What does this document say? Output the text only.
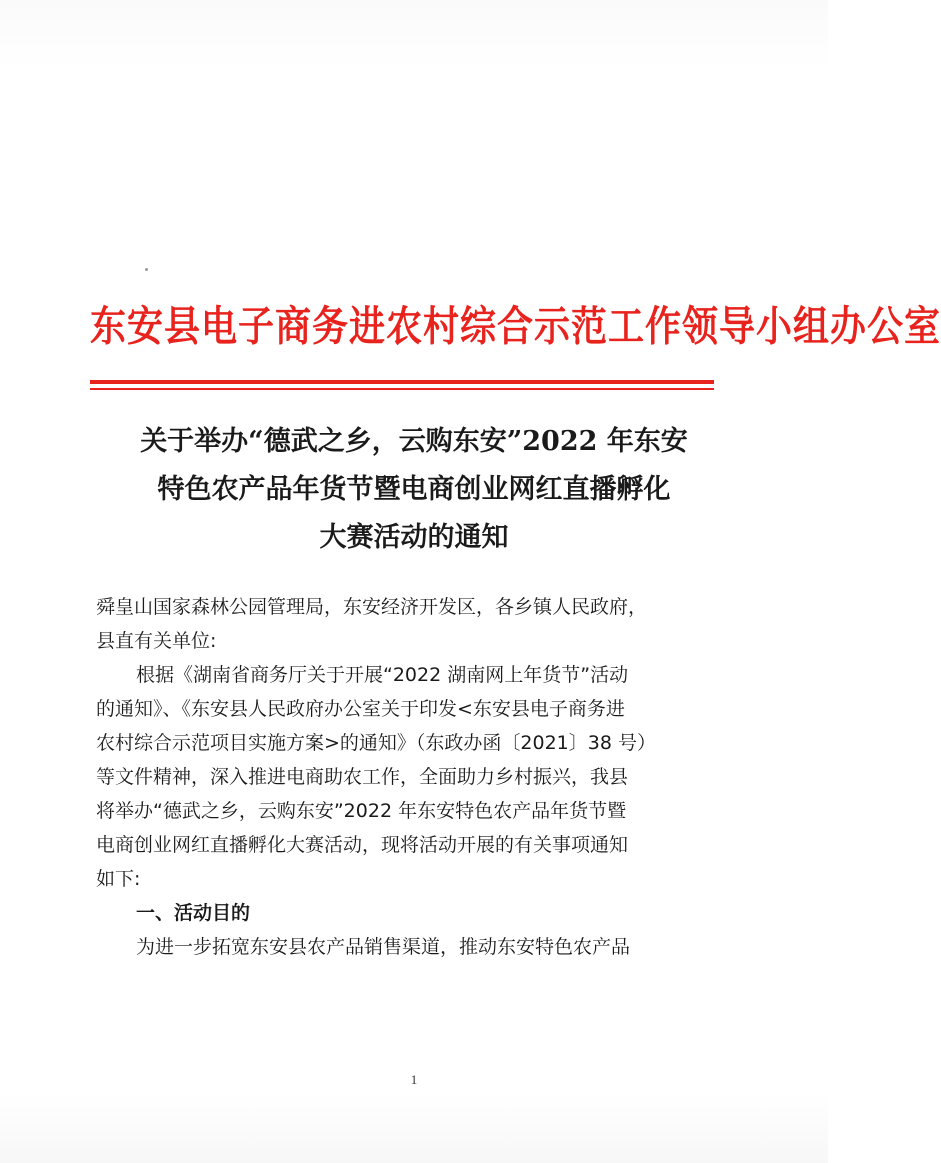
东安县电子商务进农村综合示范工作领导小组办公室
关于举办“德武之乡，云购东安”2022 年东安
特色农产品年货节暨电商创业网红直播孵化
大赛活动的通知
舜皇山国家森林公园管理局，东安经济开发区，各乡镇人民政府，
县直有关单位:
根据《湖南省商务厅关于开展“2022 湖南网上年货节”活动
的通知》、《东安县人民政府办公室关于印发<东安县电子商务进
农村综合示范项目实施方案>的通知》（东政办函〔2021〕38 号）
等文件精神，深入推进电商助农工作，全面助力乡村振兴，我县
将举办“德武之乡，云购东安”2022 年东安特色农产品年货节暨
电商创业网红直播孵化大赛活动，现将活动开展的有关事项通知
如下:
一、活动目的
为进一步拓宽东安县农产品销售渠道，推动东安特色农产品
1
